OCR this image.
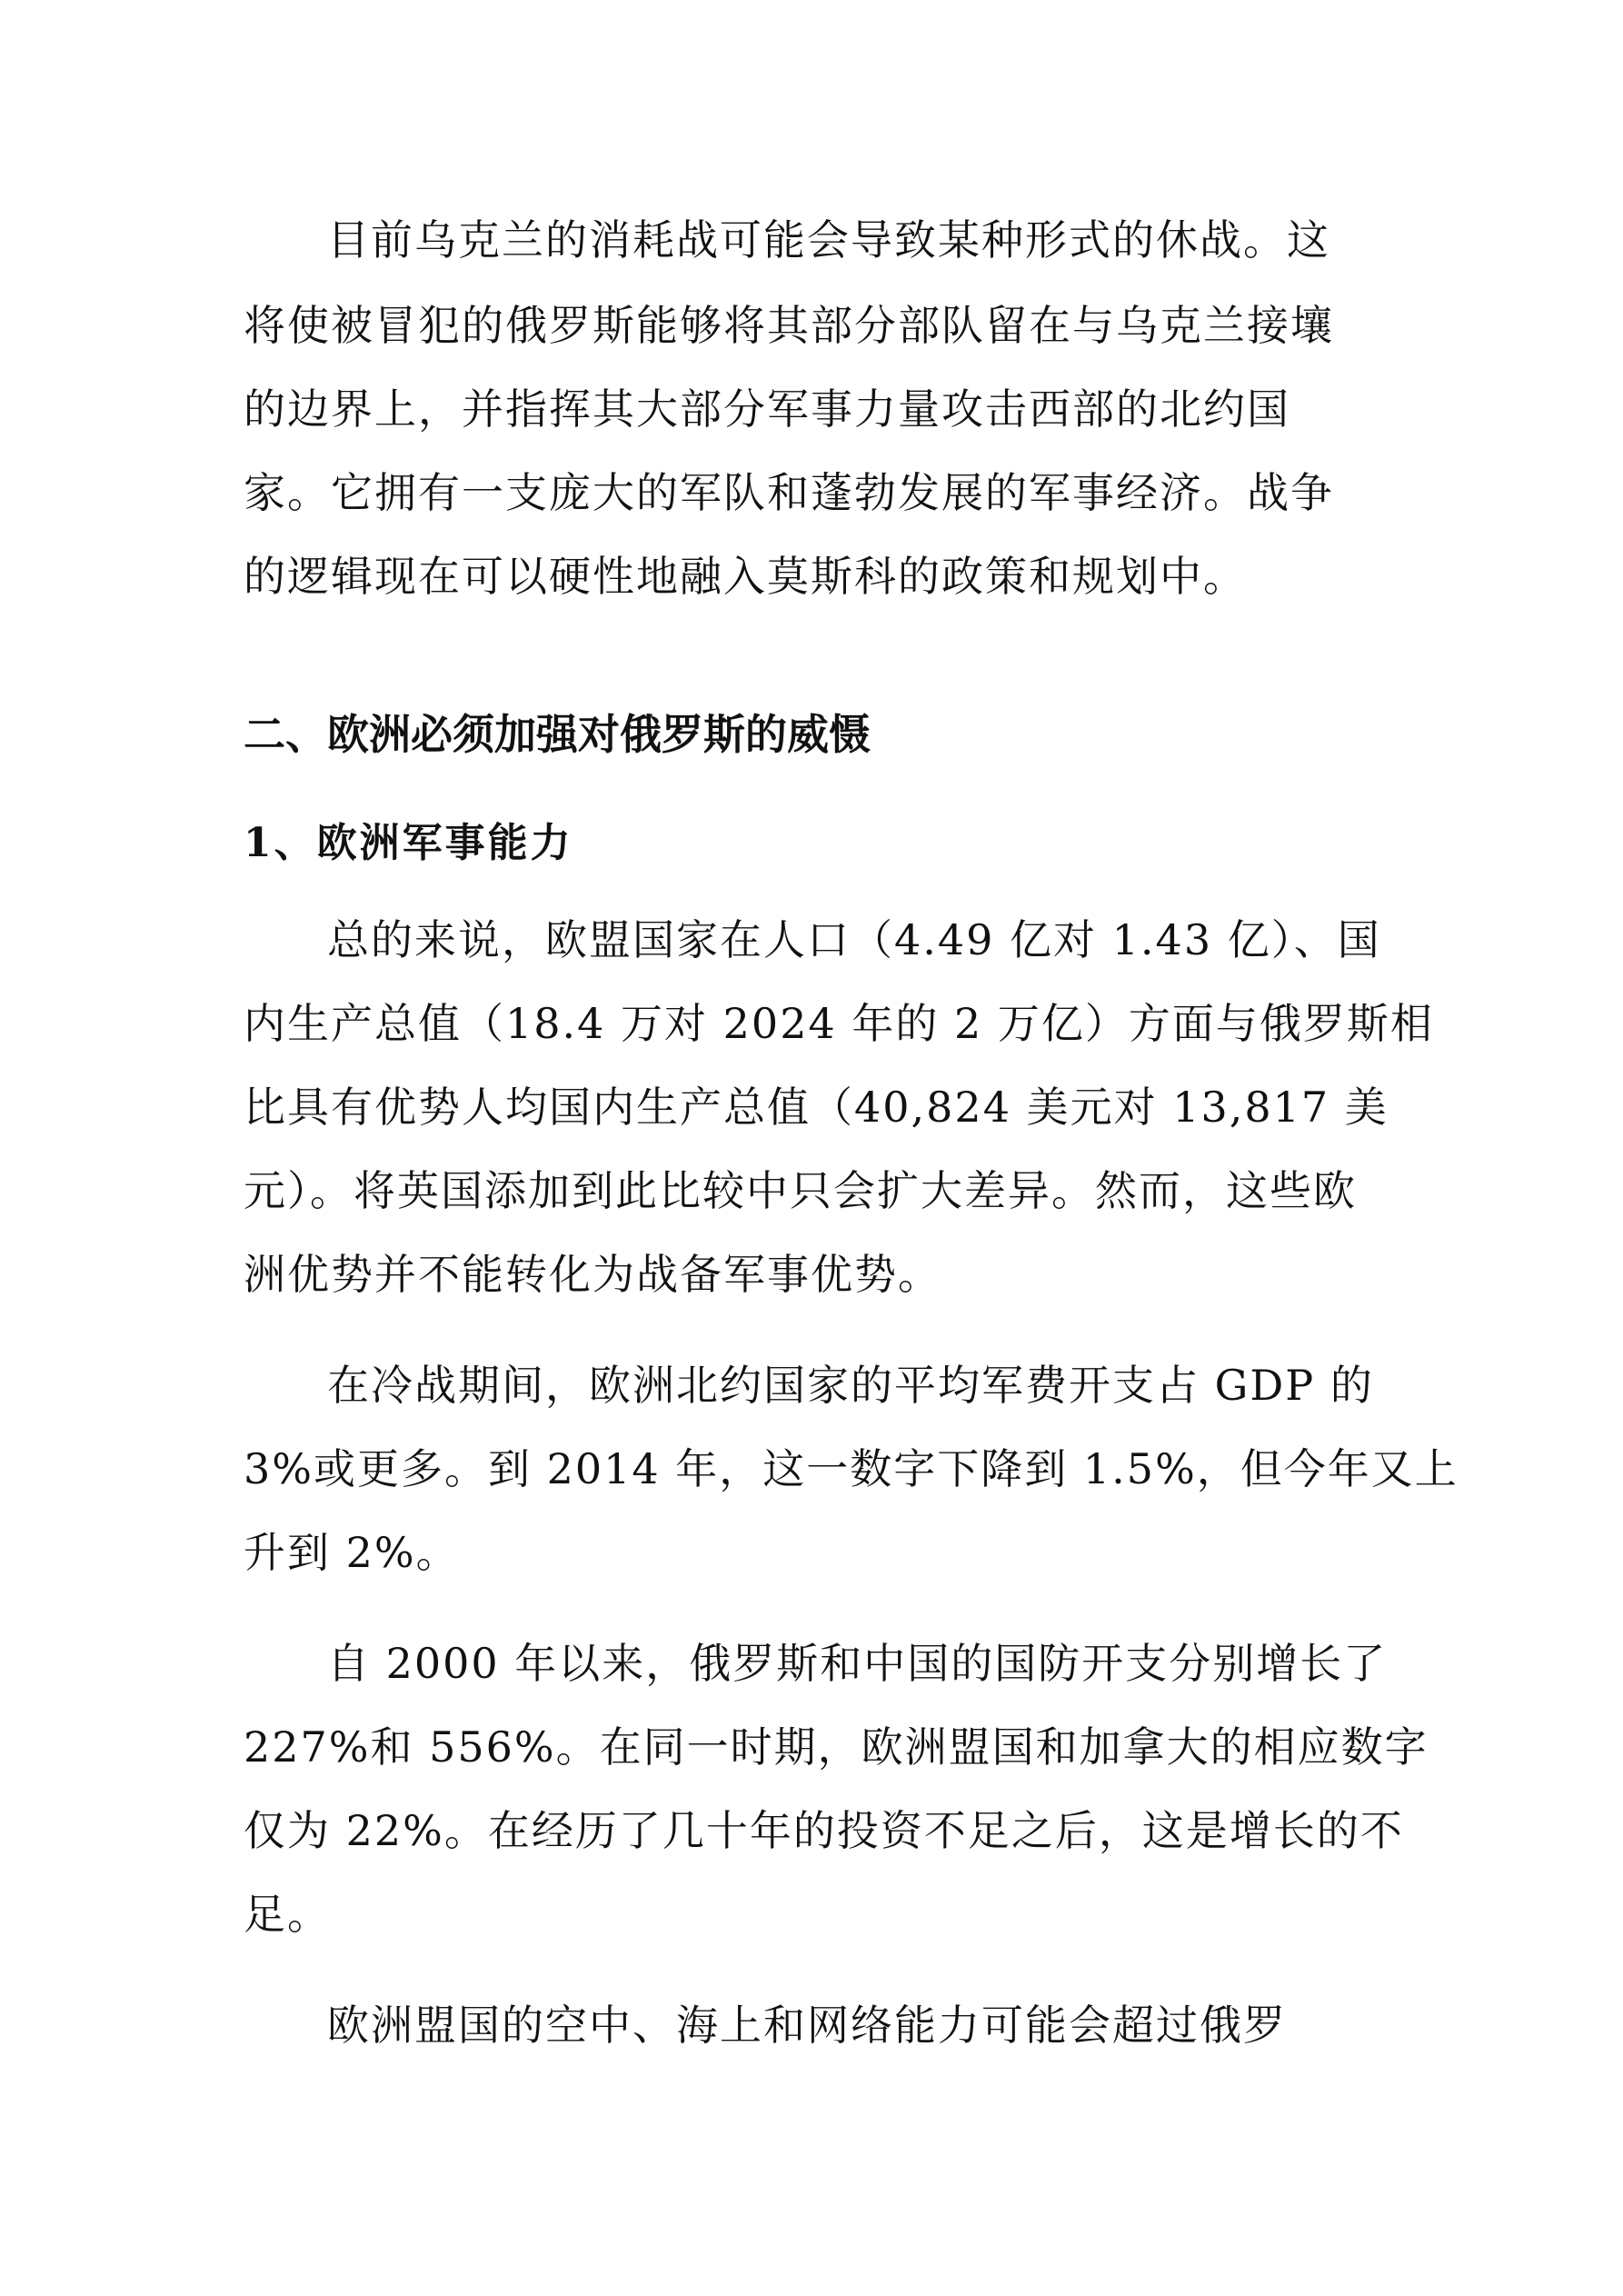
目前乌克兰的消耗战可能会导致某种形式的休战。这
将使被冒犯的俄罗斯能够将其部分部队留在与乌克兰接壤
的边界上，并指挥其大部分军事力量攻击西部的北约国
家。它拥有一支庞大的军队和蓬勃发展的军事经济。战争
的逻辑现在可以硬性地融入莫斯科的政策和规划中。
二、欧洲必须加强对俄罗斯的威慑
1、欧洲军事能力
总的来说，欧盟国家在人口（4.49 亿对 1.43 亿）、国
内生产总值（18.4 万对 2024 年的 2 万亿）方面与俄罗斯相
比具有优势人均国内生产总值（40,824 美元对 13,817 美
元）。将英国添加到此比较中只会扩大差异。然而，这些欧
洲优势并不能转化为战备军事优势。
在冷战期间，欧洲北约国家的平均军费开支占 GDP 的
3%或更多。到 2014 年，这一数字下降到 1.5%，但今年又上
升到 2%。
自 2000 年以来，俄罗斯和中国的国防开支分别增长了
227%和 556%。在同一时期，欧洲盟国和加拿大的相应数字
仅为 22%。在经历了几十年的投资不足之后，这是增长的不
足。
欧洲盟国的空中、海上和网络能力可能会超过俄罗
